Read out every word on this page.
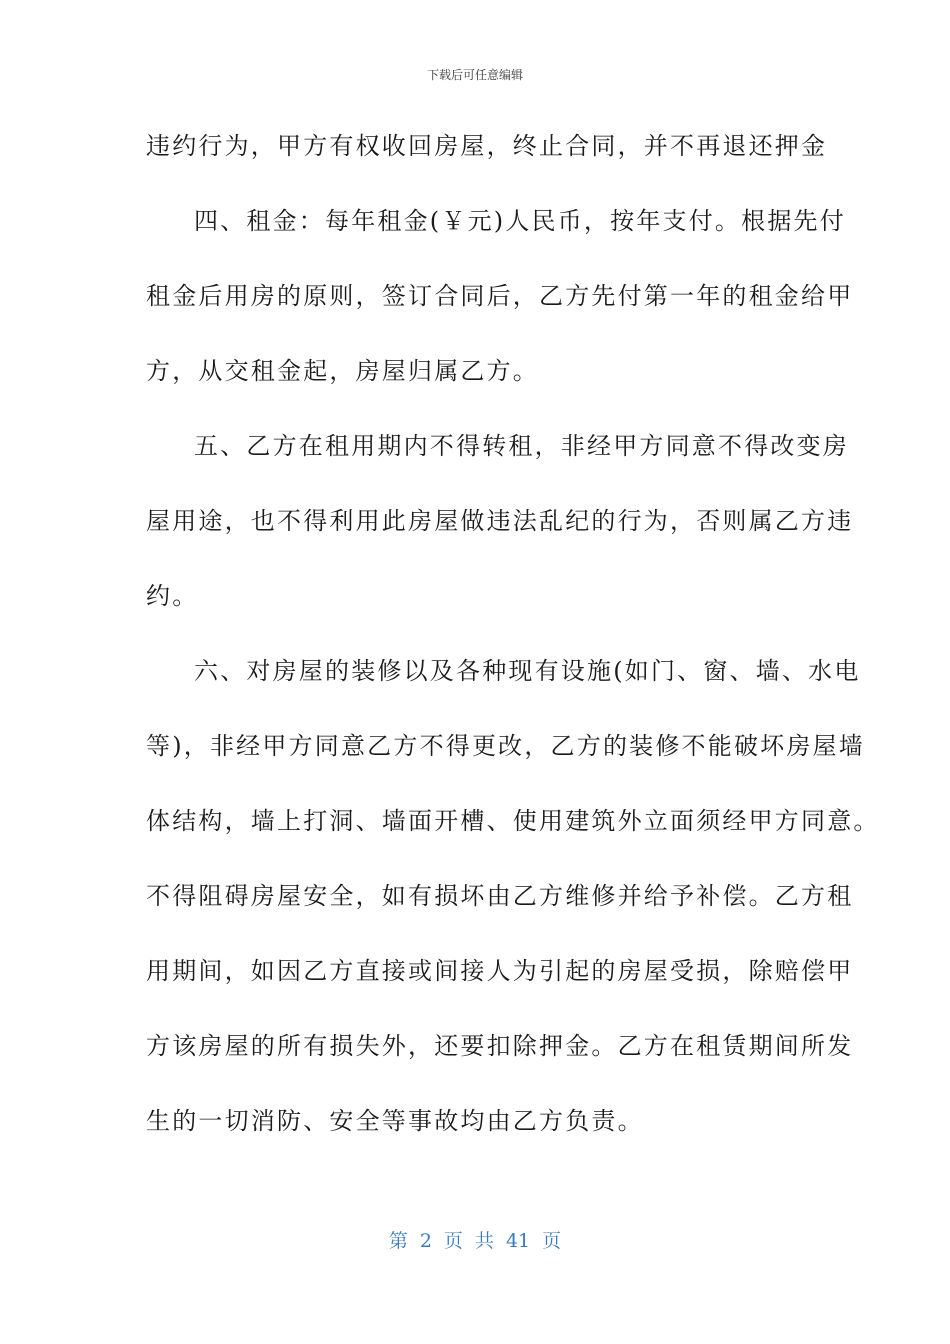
下载后可任意编辑
违约行为，甲方有权收回房屋，终止合同，并不再退还押金
四、租金：每年租金(￥元)人民币，按年支付。根据先付
租金后用房的原则，签订合同后，乙方先付第一年的租金给甲
方，从交租金起，房屋归属乙方。
五、乙方在租用期内不得转租，非经甲方同意不得改变房
屋用途，也不得利用此房屋做违法乱纪的行为，否则属乙方违
约。
六、对房屋的装修以及各种现有设施(如门、窗、墙、水电
等)，非经甲方同意乙方不得更改，乙方的装修不能破坏房屋墙
体结构，墙上打洞、墙面开槽、使用建筑外立面须经甲方同意。
不得阻碍房屋安全，如有损坏由乙方维修并给予补偿。乙方租
用期间，如因乙方直接或间接人为引起的房屋受损，除赔偿甲
方该房屋的所有损失外，还要扣除押金。乙方在租赁期间所发
生的一切消防、安全等事故均由乙方负责。
第 2 页 共 41 页
